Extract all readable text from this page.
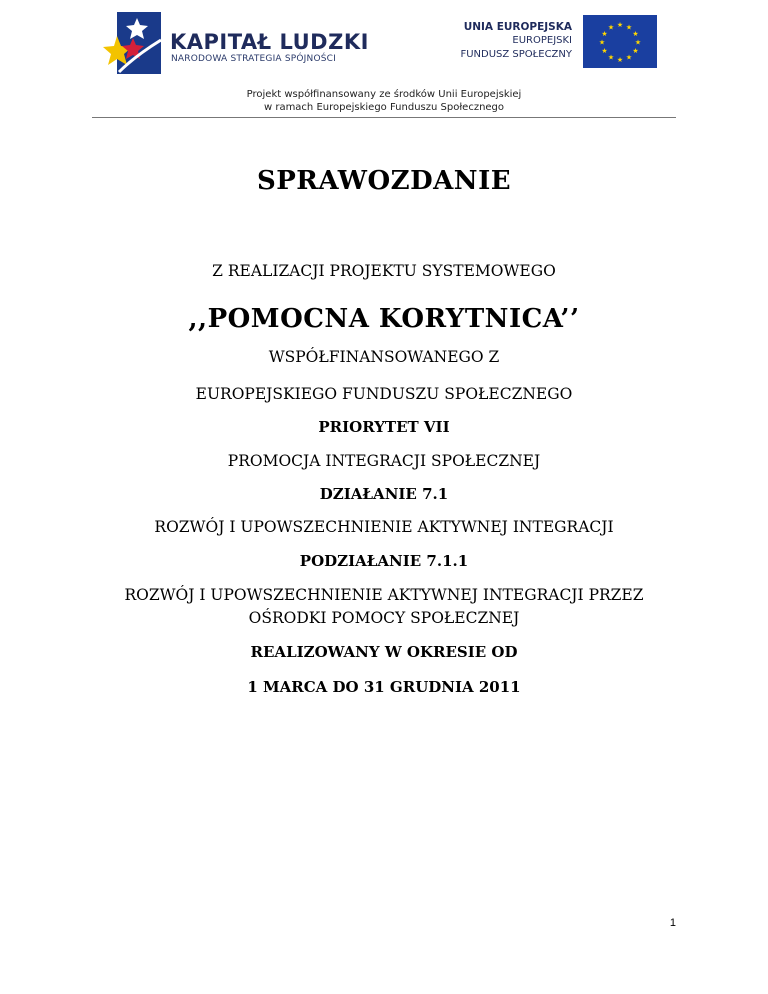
KAPITAŁ LUDZKI
NARODOWA STRATEGIA SPÓJNOŚCI
UNIA EUROPEJSKA
EUROPEJSKI
FUNDUSZ SPOŁECZNY
★ ★
★
★
★
★
★
★
★
★
★
★
Projekt współfinansowany ze środków Unii Europejskiej
w ramach Europejskiego Funduszu Społecznego
SPRAWOZDANIE
Z REALIZACJI PROJEKTU SYSTEMOWEGO
,,POMOCNA KORYTNICA’’
WSPÓŁFINANSOWANEGO Z
EUROPEJSKIEGO FUNDUSZU SPOŁECZNEGO
PRIORYTET VII
PROMOCJA INTEGRACJI SPOŁECZNEJ
DZIAŁANIE 7.1
ROZWÓJ I UPOWSZECHNIENIE AKTYWNEJ INTEGRACJI
PODZIAŁANIE 7.1.1
ROZWÓJ I UPOWSZECHNIENIE AKTYWNEJ INTEGRACJI PRZEZ
OŚRODKI POMOCY SPOŁECZNEJ
REALIZOWANY W OKRESIE OD
1 MARCA DO 31 GRUDNIA 2011
1
